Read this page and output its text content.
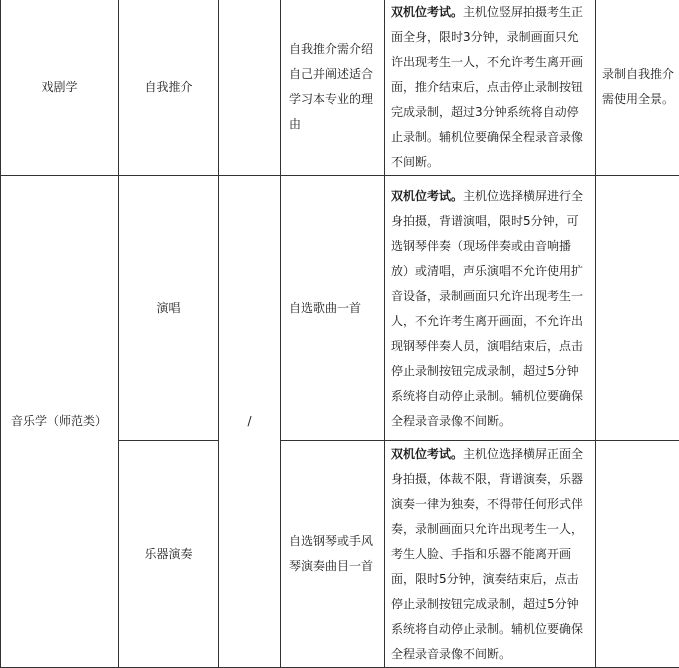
戏剧学	自我推介		自我推介需介绍自己并阐述适合学习本专业的理由	双机位考试。主机位竖屏拍摄考生正面全身，限时3分钟，录制画面只允许出现考生一人，不允许考生离开画面，推介结束后，点击停止录制按钮完成录制，超过3分钟系统将自动停止录制。辅机位要确保全程录音录像不间断。	录制自我推介需使用全景。
音乐学（师范类）	演唱	/	自选歌曲一首	双机位考试。主机位选择横屏进行全身拍摄，背谱演唱，限时5分钟，可选钢琴伴奏（现场伴奏或由音响播放）或清唱，声乐演唱不允许使用扩音设备，录制画面只允许出现考生一人，不允许考生离开画面，不允许出现钢琴伴奏人员，演唱结束后，点击停止录制按钮完成录制，超过5分钟系统将自动停止录制。辅机位要确保全程录音录像不间断。	
	乐器演奏		自选钢琴或手风琴演奏曲目一首	双机位考试。主机位选择横屏正面全身拍摄，体裁不限，背谱演奏，乐器演奏一律为独奏，不得带任何形式伴奏，录制画面只允许出现考生一人，考生人脸、手指和乐器不能离开画面，限时5分钟，演奏结束后，点击停止录制按钮完成录制，超过5分钟系统将自动停止录制。辅机位要确保全程录音录像不间断。	
